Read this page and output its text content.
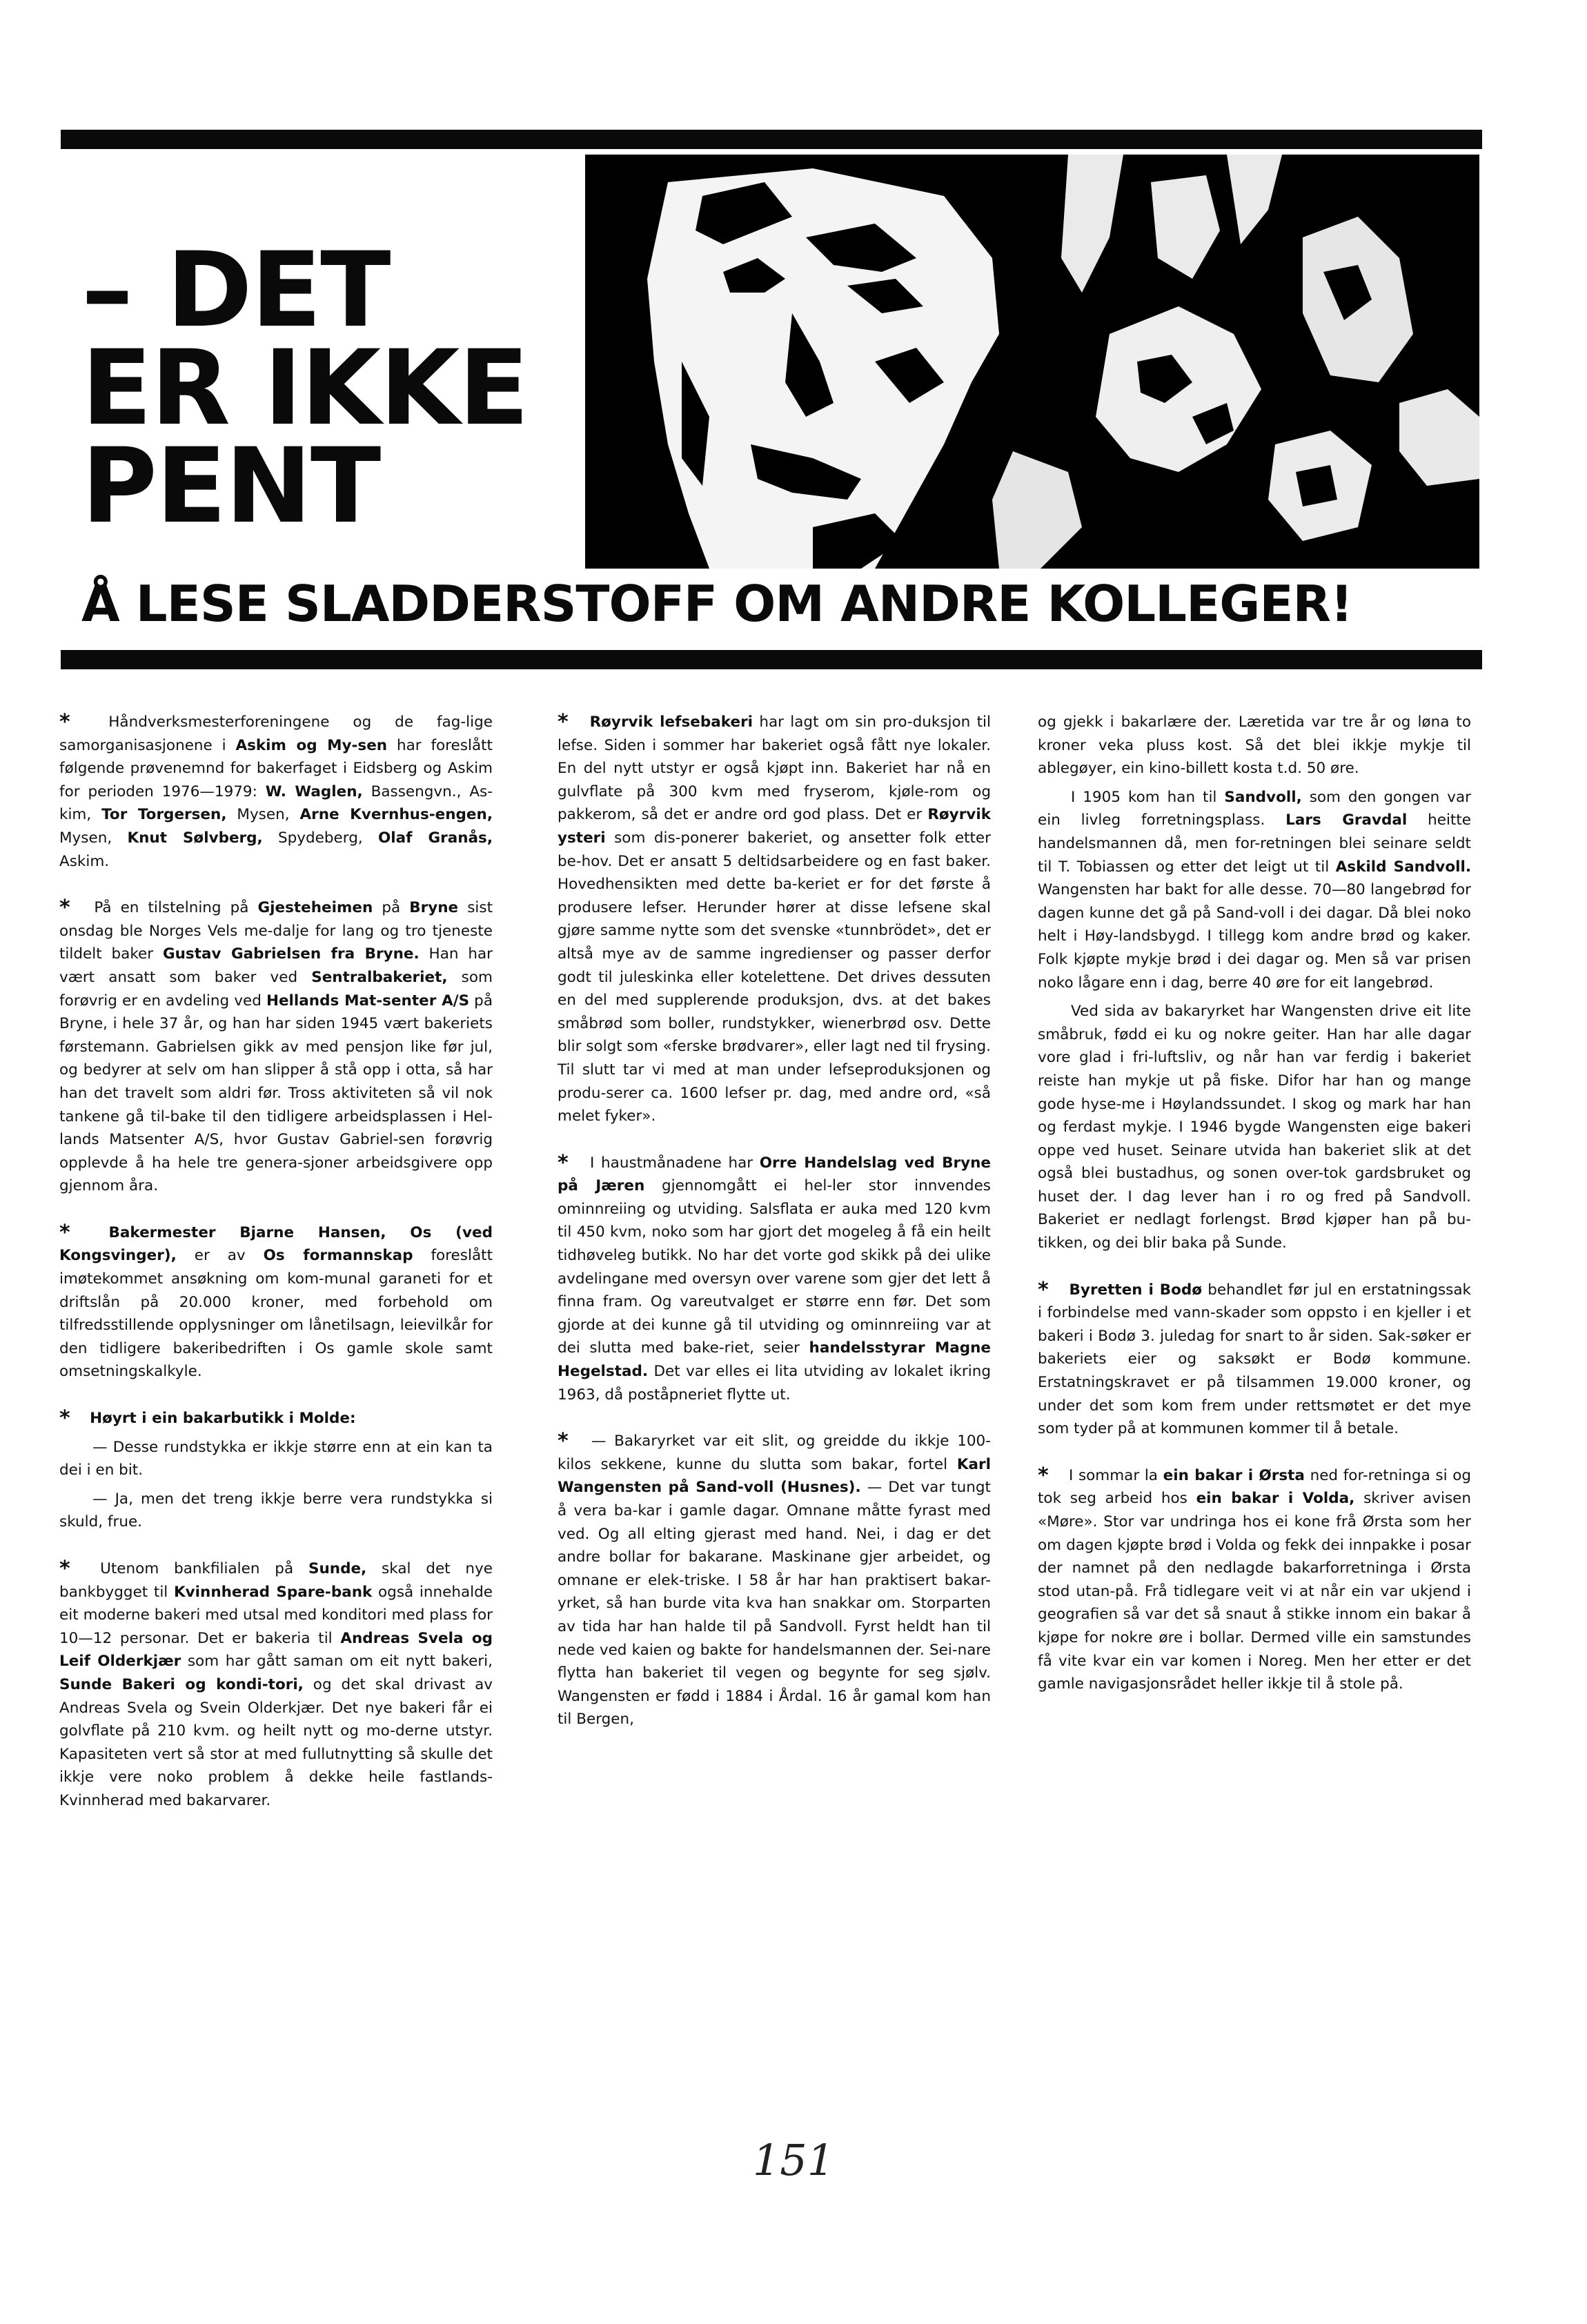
– DET
ER IKKE
PENT
Å LESE SLADDERSTOFF OM ANDRE KOLLEGER!

* Håndverksmesterforeningene og de fag-lige samorganisasjonene i Askim og My-sen har foreslått følgende prøvenemnd for bakerfaget i Eidsberg og Askim for perioden 1976—1979: W. Waglen, Bassengvn., As-kim, Tor Torgersen, Mysen, Arne Kvernhus-engen, Mysen, Knut Sølvberg, Spydeberg, Olaf Granås, Askim.

* På en tilstelning på Gjesteheimen på Bryne sist onsdag ble Norges Vels me-dalje for lang og tro tjeneste tildelt baker Gustav Gabrielsen fra Bryne. Han har vært ansatt som baker ved Sentralbakeriet, som forøvrig er en avdeling ved Hellands Mat-senter A/S på Bryne, i hele 37 år, og han har siden 1945 vært bakeriets førstemann. Gabrielsen gikk av med pensjon like før jul, og bedyrer at selv om han slipper å stå opp i otta, så har han det travelt som aldri før. Tross aktiviteten så vil nok tankene gå til-bake til den tidligere arbeidsplassen i Hel-lands Matsenter A/S, hvor Gustav Gabriel-sen forøvrig opplevde å ha hele tre genera-sjoner arbeidsgivere opp gjennom åra.

* Bakermester Bjarne Hansen, Os (ved Kongsvinger), er av Os formannskap foreslått imøtekommet ansøkning om kom-munal garaneti for et driftslån på 20.000 kroner, med forbehold om tilfredsstillende opplysninger om lånetilsagn, leievilkår for den tidligere bakeribedriften i Os gamle skole samt omsetningskalkyle.

* Høyrt i ein bakarbutikk i Molde:

— Desse rundstykka er ikkje større enn at ein kan ta dei i en bit.

— Ja, men det treng ikkje berre vera rundstykka si skuld, frue.

* Utenom bankfilialen på Sunde, skal det nye bankbygget til Kvinnherad Spare-bank også innehalde eit moderne bakeri med utsal med konditori med plass for 10—12 personar. Det er bakeria til Andreas Svela og Leif Olderkjær som har gått saman om eit nytt bakeri, Sunde Bakeri og kondi-tori, og det skal drivast av Andreas Svela og Svein Olderkjær. Det nye bakeri får ei golvflate på 210 kvm. og heilt nytt og mo-derne utstyr. Kapasiteten vert så stor at med fullutnytting så skulle det ikkje vere noko problem å dekke heile fastlands-Kvinnherad med bakarvarer.

* Røyrvik lefsebakeri har lagt om sin pro-duksjon til lefse. Siden i sommer har bakeriet også fått nye lokaler. En del nytt utstyr er også kjøpt inn. Bakeriet har nå en gulvflate på 300 kvm med fryserom, kjøle-rom og pakkerom, så det er andre ord god plass. Det er Røyrvik ysteri som dis-ponerer bakeriet, og ansetter folk etter be-hov. Det er ansatt 5 deltidsarbeidere og en fast baker. Hovedhensikten med dette ba-keriet er for det første å produsere lefser. Herunder hører at disse lefsene skal gjøre samme nytte som det svenske «tunnbrödet», det er altså mye av de samme ingredienser og passer derfor godt til juleskinka eller kotelettene. Det drives dessuten en del med supplerende produksjon, dvs. at det bakes småbrød som boller, rundstykker, wienerbrød osv. Dette blir solgt som «ferske brødvarer», eller lagt ned til frysing. Til slutt tar vi med at man under lefseproduksjonen og produ-serer ca. 1600 lefser pr. dag, med andre ord, «så melet fyker».

* I haustmånadene har Orre Handelslag ved Bryne på Jæren gjennomgått ei hel-ler stor innvendes ominnreiing og utviding. Salsflata er auka med 120 kvm til 450 kvm, noko som har gjort det mogeleg å få ein heilt tidhøveleg butikk. No har det vorte god skikk på dei ulike avdelingane med oversyn over varene som gjer det lett å finna fram. Og vareutvalget er større enn før. Det som gjorde at dei kunne gå til utviding og ominnreiing var at dei slutta med bake-riet, seier handelsstyrar Magne Hegelstad. Det var elles ei lita utviding av lokalet ikring 1963, då poståpneriet flytte ut.

* — Bakaryrket var eit slit, og greidde du ikkje 100-kilos sekkene, kunne du slutta som bakar, fortel Karl Wangensten på Sand-voll (Husnes). — Det var tungt å vera ba-kar i gamle dagar. Omnane måtte fyrast med ved. Og all elting gjerast med hand. Nei, i dag er det andre bollar for bakarane. Maskinane gjer arbeidet, og omnane er elek-triske. I 58 år har han praktisert bakar-yrket, så han burde vita kva han snakkar om. Storparten av tida har han halde til på Sandvoll. Fyrst heldt han til nede ved kaien og bakte for handelsmannen der. Sei-nare flytta han bakeriet til vegen og begynte for seg sjølv. Wangensten er fødd i 1884 i Årdal. 16 år gamal kom han til Bergen,

og gjekk i bakarlære der. Læretida var tre år og løna to kroner veka pluss kost. Så det blei ikkje mykje til ablegøyer, ein kino-billett kosta t.d. 50 øre.

I 1905 kom han til Sandvoll, som den gongen var ein livleg forretningsplass. Lars Gravdal heitte handelsmannen då, men for-retningen blei seinare seldt til T. Tobiassen og etter det leigt ut til Askild Sandvoll. Wangensten har bakt for alle desse. 70—80 langebrød for dagen kunne det gå på Sand-voll i dei dagar. Då blei noko helt i Høy-landsbygd. I tillegg kom andre brød og kaker. Folk kjøpte mykje brød i dei dagar og. Men så var prisen noko lågare enn i dag, berre 40 øre for eit langebrød.

Ved sida av bakaryrket har Wangensten drive eit lite småbruk, fødd ei ku og nokre geiter. Han har alle dagar vore glad i fri-luftsliv, og når han var ferdig i bakeriet reiste han mykje ut på fiske. Difor har han og mange gode hyse-me i Høylandssundet. I skog og mark har han og ferdast mykje. I 1946 bygde Wangensten eige bakeri oppe ved huset. Seinare utvida han bakeriet slik at det også blei bustadhus, og sonen over-tok gardsbruket og huset der. I dag lever han i ro og fred på Sandvoll. Bakeriet er nedlagt forlengst. Brød kjøper han på bu-tikken, og dei blir baka på Sunde.

* Byretten i Bodø behandlet før jul en erstatningssak i forbindelse med vann-skader som oppsto i en kjeller i et bakeri i Bodø 3. juledag for snart to år siden. Sak-søker er bakeriets eier og saksøkt er Bodø kommune. Erstatningskravet er på tilsammen 19.000 kroner, og under det som kom frem under rettsmøtet er det mye som tyder på at kommunen kommer til å betale.

* I sommar la ein bakar i Ørsta ned for-retninga si og tok seg arbeid hos ein bakar i Volda, skriver avisen «Møre». Stor var undringa hos ei kone frå Ørsta som her om dagen kjøpte brød i Volda og fekk dei innpakke i posar der namnet på den nedlagde bakarforretninga i Ørsta stod utan-på. Frå tidlegare veit vi at når ein var ukjend i geografien så var det så snaut å stikke innom ein bakar å kjøpe for nokre øre i bollar. Dermed ville ein samstundes få vite kvar ein var komen i Noreg. Men her etter er det gamle navigasjonsrådet heller ikkje til å stole på.

151
